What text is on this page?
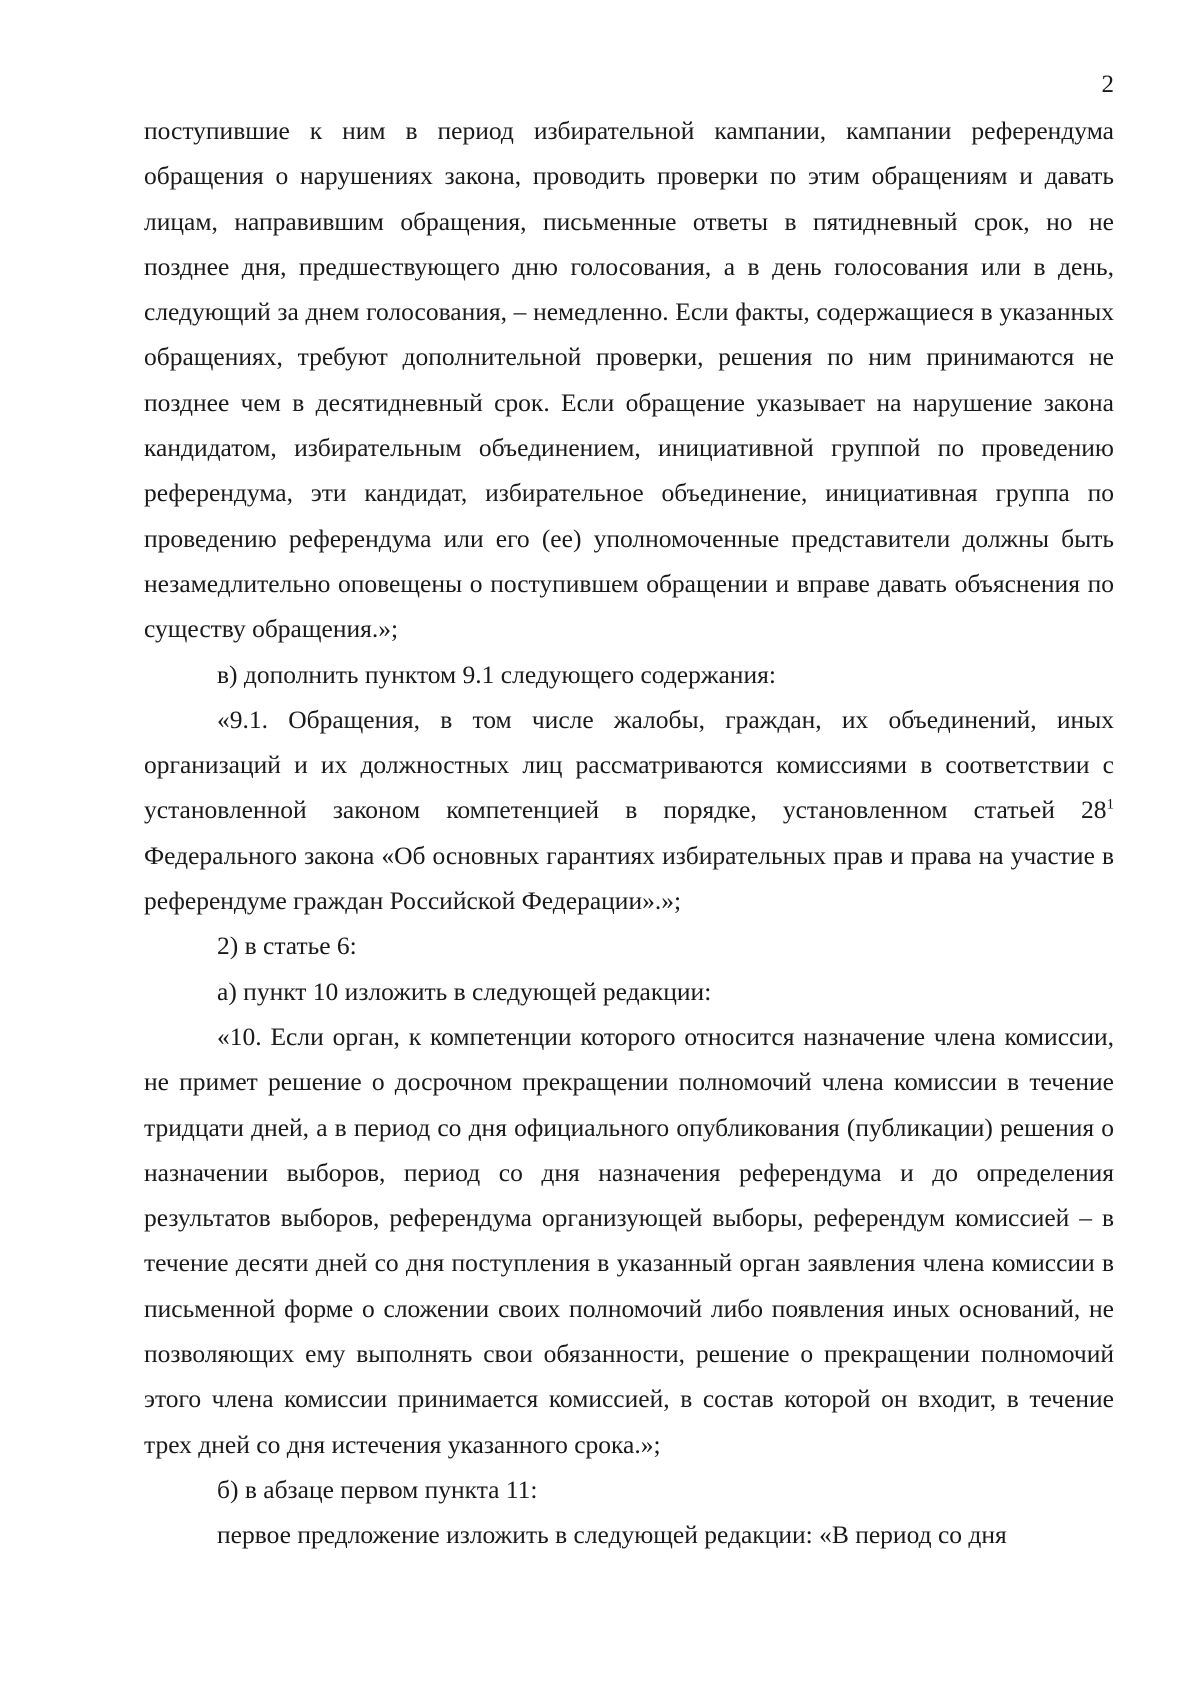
2

поступившие к ним в период избирательной кампании, кампании референдума обращения о нарушениях закона, проводить проверки по этим обращениям и давать лицам, направившим обращения, письменные ответы в пятидневный срок, но не позднее дня, предшествующего дню голосования, а в день голосования или в день, следующий за днем голосования, – немедленно. Если факты, содержащиеся в указанных обращениях, требуют дополнительной проверки, решения по ним принимаются не позднее чем в десятидневный срок. Если обращение указывает на нарушение закона кандидатом, избирательным объединением, инициативной группой по проведению референдума, эти кандидат, избирательное объединение, инициативная группа по проведению референдума или его (ее) уполномоченные представители должны быть незамедлительно оповещены о поступившем обращении и вправе давать объяснения по существу обращения.»;

в) дополнить пунктом 9.1 следующего содержания:

«9.1. Обращения, в том числе жалобы, граждан, их объединений, иных организаций и их должностных лиц рассматриваются комиссиями в соответствии с установленной законом компетенцией в порядке, установленном статьей $28^1$ Федерального закона «Об основных гарантиях избирательных прав и права на участие в референдуме граждан Российской Федерации».»;

2) в статье 6:

а) пункт 10 изложить в следующей редакции:

«10. Если орган, к компетенции которого относится назначение члена комиссии, не примет решение о досрочном прекращении полномочий члена комиссии в течение тридцати дней, а в период со дня официального опубликования (публикации) решения о назначении выборов, период со дня назначения референдума и до определения результатов выборов, референдума организующей выборы, референдум комиссией – в течение десяти дней со дня поступления в указанный орган заявления члена комиссии в письменной форме о сложении своих полномочий либо появления иных оснований, не позволяющих ему выполнять свои обязанности, решение о прекращении полномочий этого члена комиссии принимается комиссией, в состав которой он входит, в течение трех дней со дня истечения указанного срока.»;

б) в абзаце первом пункта 11:

первое предложение изложить в следующей редакции: «В период со дня
